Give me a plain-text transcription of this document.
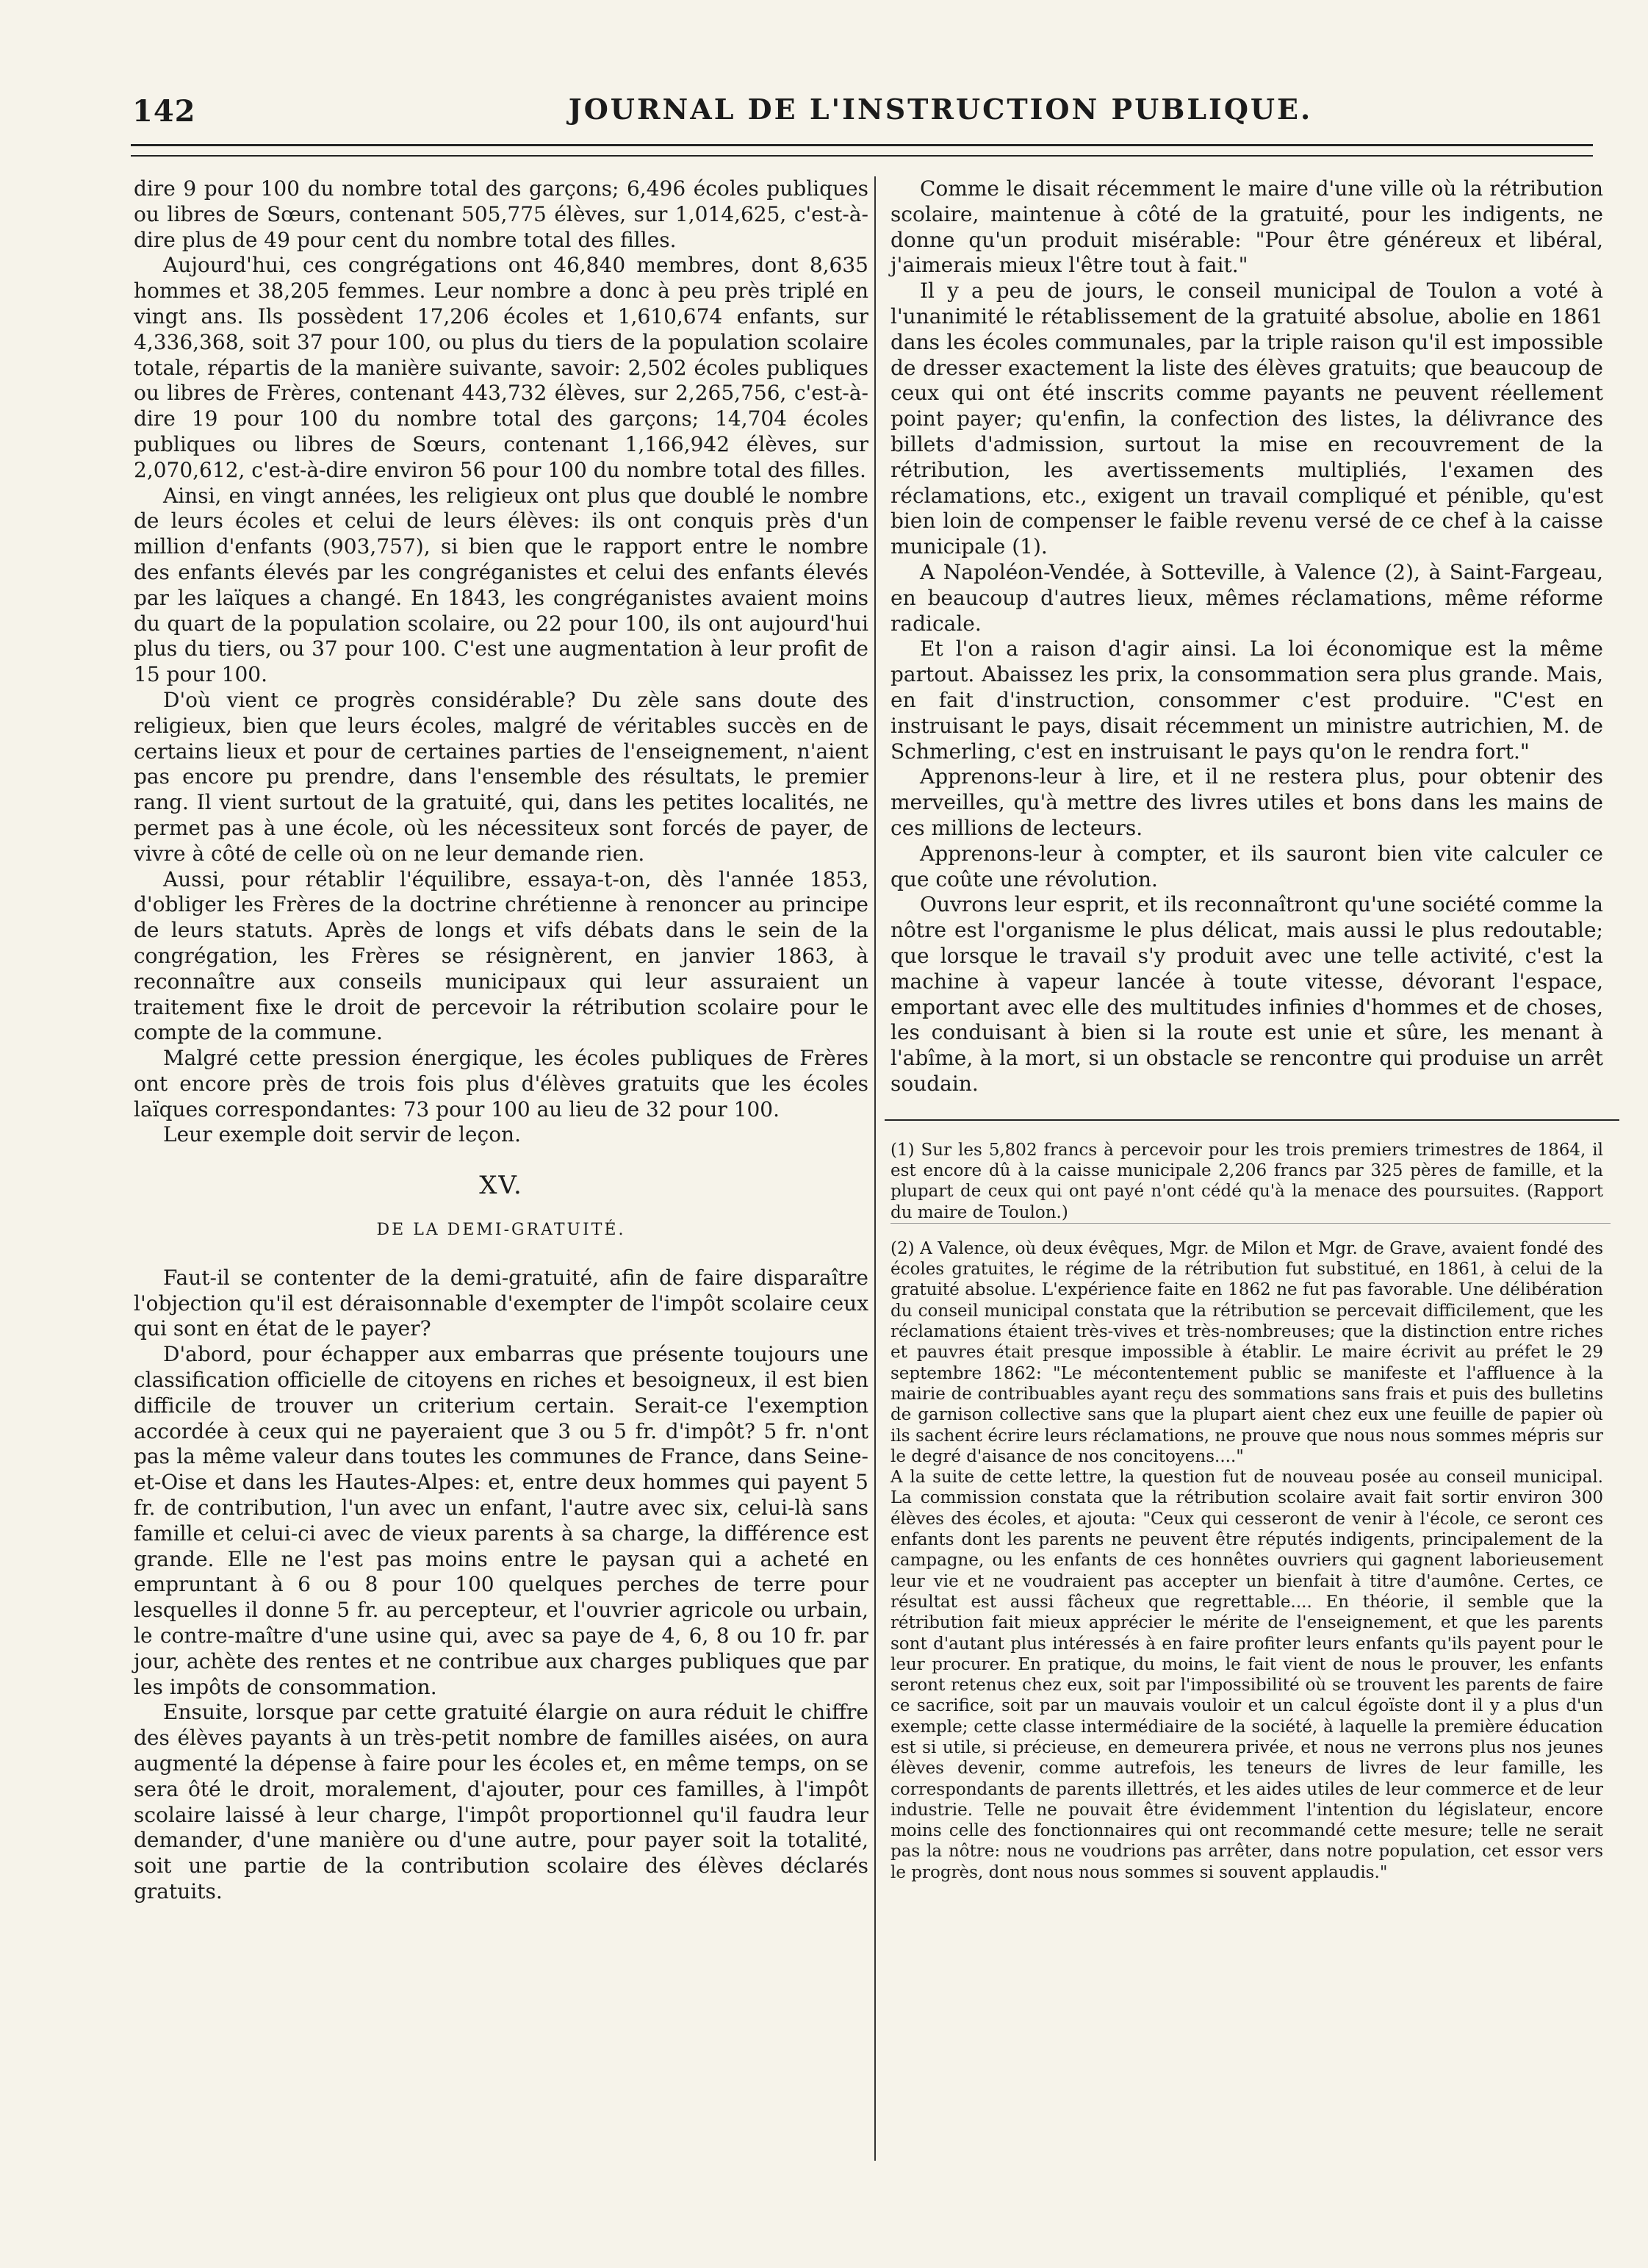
142	JOURNAL DE L'INSTRUCTION PUBLIQUE.

dire 9 pour 100 du nombre total des garçons; 6,496 écoles publiques ou libres de Sœurs, contenant 505,775 élèves, sur 1,014,625, c'est-à-dire plus de 49 pour cent du nombre total des filles.

Aujourd'hui, ces congrégations ont 46,840 membres, dont 8,635 hommes et 38,205 femmes. Leur nombre a donc à peu près triplé en vingt ans. Ils possèdent 17,206 écoles et 1,610,674 enfants, sur 4,336,368, soit 37 pour 100, ou plus du tiers de la population scolaire totale, répartis de la manière suivante, savoir: 2,502 écoles publiques ou libres de Frères, contenant 443,732 élèves, sur 2,265,756, c'est-à-dire 19 pour 100 du nombre total des garçons; 14,704 écoles publiques ou libres de Sœurs, contenant 1,166,942 élèves, sur 2,070,612, c'est-à-dire environ 56 pour 100 du nombre total des filles.

Ainsi, en vingt années, les religieux ont plus que doublé le nombre de leurs écoles et celui de leurs élèves: ils ont conquis près d'un million d'enfants (903,757), si bien que le rapport entre le nombre des enfants élevés par les congréganistes et celui des enfants élevés par les laïques a changé. En 1843, les congréganistes avaient moins du quart de la population scolaire, ou 22 pour 100, ils ont aujourd'hui plus du tiers, ou 37 pour 100. C'est une augmentation à leur profit de 15 pour 100.

D'où vient ce progrès considérable? Du zèle sans doute des religieux, bien que leurs écoles, malgré de véritables succès en de certains lieux et pour de certaines parties de l'enseignement, n'aient pas encore pu prendre, dans l'ensemble des résultats, le premier rang. Il vient surtout de la gratuité, qui, dans les petites localités, ne permet pas à une école, où les nécessiteux sont forcés de payer, de vivre à côté de celle où on ne leur demande rien.

Aussi, pour rétablir l'équilibre, essaya-t-on, dès l'année 1853, d'obliger les Frères de la doctrine chrétienne à renoncer au principe de leurs statuts. Après de longs et vifs débats dans le sein de la congrégation, les Frères se résignèrent, en janvier 1863, à reconnaître aux conseils municipaux qui leur assuraient un traitement fixe le droit de percevoir la rétribution scolaire pour le compte de la commune.

Malgré cette pression énergique, les écoles publiques de Frères ont encore près de trois fois plus d'élèves gratuits que les écoles laïques correspondantes: 73 pour 100 au lieu de 32 pour 100.

Leur exemple doit servir de leçon.

XV.
DE LA DEMI-GRATUITÉ.

Faut-il se contenter de la demi-gratuité, afin de faire disparaître l'objection qu'il est déraisonnable d'exempter de l'impôt scolaire ceux qui sont en état de le payer?

D'abord, pour échapper aux embarras que présente toujours une classification officielle de citoyens en riches et besoigneux, il est bien difficile de trouver un criterium certain. Serait-ce l'exemption accordée à ceux qui ne payeraient que 3 ou 5 fr. d'impôt? 5 fr. n'ont pas la même valeur dans toutes les communes de France, dans Seine-et-Oise et dans les Hautes-Alpes: et, entre deux hommes qui payent 5 fr. de contribution, l'un avec un enfant, l'autre avec six, celui-là sans famille et celui-ci avec de vieux parents à sa charge, la différence est grande. Elle ne l'est pas moins entre le paysan qui a acheté en empruntant à 6 ou 8 pour 100 quelques perches de terre pour lesquelles il donne 5 fr. au percepteur, et l'ouvrier agricole ou urbain, le contre-maître d'une usine qui, avec sa paye de 4, 6, 8 ou 10 fr. par jour, achète des rentes et ne contribue aux charges publiques que par les impôts de consommation.

Ensuite, lorsque par cette gratuité élargie on aura réduit le chiffre des élèves payants à un très-petit nombre de familles aisées, on aura augmenté la dépense à faire pour les écoles et, en même temps, on se sera ôté le droit, moralement, d'ajouter, pour ces familles, à l'impôt scolaire laissé à leur charge, l'impôt proportionnel qu'il faudra leur demander, d'une manière ou d'une autre, pour payer soit la totalité, soit une partie de la contribution scolaire des élèves déclarés gratuits.

Comme le disait récemment le maire d'une ville où la rétribution scolaire, maintenue à côté de la gratuité, pour les indigents, ne donne qu'un produit misérable: "Pour être généreux et libéral, j'aimerais mieux l'être tout à fait."

Il y a peu de jours, le conseil municipal de Toulon a voté à l'unanimité le rétablissement de la gratuité absolue, abolie en 1861 dans les écoles communales, par la triple raison qu'il est impossible de dresser exactement la liste des élèves gratuits; que beaucoup de ceux qui ont été inscrits comme payants ne peuvent réellement point payer; qu'enfin, la confection des listes, la délivrance des billets d'admission, surtout la mise en recouvrement de la rétribution, les avertissements multipliés, l'examen des réclamations, etc., exigent un travail compliqué et pénible, qu'est bien loin de compenser le faible revenu versé de ce chef à la caisse municipale (1).

A Napoléon-Vendée, à Sotteville, à Valence (2), à Saint-Fargeau, en beaucoup d'autres lieux, mêmes réclamations, même réforme radicale.

Et l'on a raison d'agir ainsi. La loi économique est la même partout. Abaissez les prix, la consommation sera plus grande. Mais, en fait d'instruction, consommer c'est produire. "C'est en instruisant le pays, disait récemment un ministre autrichien, M. de Schmerling, c'est en instruisant le pays qu'on le rendra fort."

Apprenons-leur à lire, et il ne restera plus, pour obtenir des merveilles, qu'à mettre des livres utiles et bons dans les mains de ces millions de lecteurs.

Apprenons-leur à compter, et ils sauront bien vite calculer ce que coûte une révolution.

Ouvrons leur esprit, et ils reconnaîtront qu'une société comme la nôtre est l'organisme le plus délicat, mais aussi le plus redoutable; que lorsque le travail s'y produit avec une telle activité, c'est la machine à vapeur lancée à toute vitesse, dévorant l'espace, emportant avec elle des multitudes infinies d'hommes et de choses, les conduisant à bien si la route est unie et sûre, les menant à l'abîme, à la mort, si un obstacle se rencontre qui produise un arrêt soudain.

(1) Sur les 5,802 francs à percevoir pour les trois premiers trimestres de 1864, il est encore dû à la caisse municipale 2,206 francs par 325 pères de famille, et la plupart de ceux qui ont payé n'ont cédé qu'à la menace des poursuites. (Rapport du maire de Toulon.)

(2) A Valence, où deux évêques, Mgr. de Milon et Mgr. de Grave, avaient fondé des écoles gratuites, le régime de la rétribution fut substitué, en 1861, à celui de la gratuité absolue. L'expérience faite en 1862 ne fut pas favorable. Une délibération du conseil municipal constata que la rétribution se percevait difficilement, que les réclamations étaient très-vives et très-nombreuses; que la distinction entre riches et pauvres était presque impossible à établir. Le maire écrivit au préfet le 29 septembre 1862: "Le mécontentement public se manifeste et l'affluence à la mairie de contribuables ayant reçu des sommations sans frais et puis des bulletins de garnison collective sans que la plupart aient chez eux une feuille de papier où ils sachent écrire leurs réclamations, ne prouve que nous nous sommes mépris sur le degré d'aisance de nos concitoyens...."

A la suite de cette lettre, la question fut de nouveau posée au conseil municipal. La commission constata que la rétribution scolaire avait fait sortir environ 300 élèves des écoles, et ajouta: "Ceux qui cesseront de venir à l'école, ce seront ces enfants dont les parents ne peuvent être réputés indigents, principalement de la campagne, ou les enfants de ces honnêtes ouvriers qui gagnent laborieusement leur vie et ne voudraient pas accepter un bienfait à titre d'aumône. Certes, ce résultat est aussi fâcheux que regrettable.... En théorie, il semble que la rétribution fait mieux apprécier le mérite de l'enseignement, et que les parents sont d'autant plus intéressés à en faire profiter leurs enfants qu'ils payent pour le leur procurer. En pratique, du moins, le fait vient de nous le prouver, les enfants seront retenus chez eux, soit par l'impossibilité où se trouvent les parents de faire ce sacrifice, soit par un mauvais vouloir et un calcul égoïste dont il y a plus d'un exemple; cette classe intermédiaire de la société, à laquelle la première éducation est si utile, si précieuse, en demeurera privée, et nous ne verrons plus nos jeunes élèves devenir, comme autrefois, les teneurs de livres de leur famille, les correspondants de parents illettrés, et les aides utiles de leur commerce et de leur industrie. Telle ne pouvait être évidemment l'intention du législateur, encore moins celle des fonctionnaires qui ont recommandé cette mesure; telle ne serait pas la nôtre: nous ne voudrions pas arrêter, dans notre population, cet essor vers le progrès, dont nous nous sommes si souvent applaudis."
